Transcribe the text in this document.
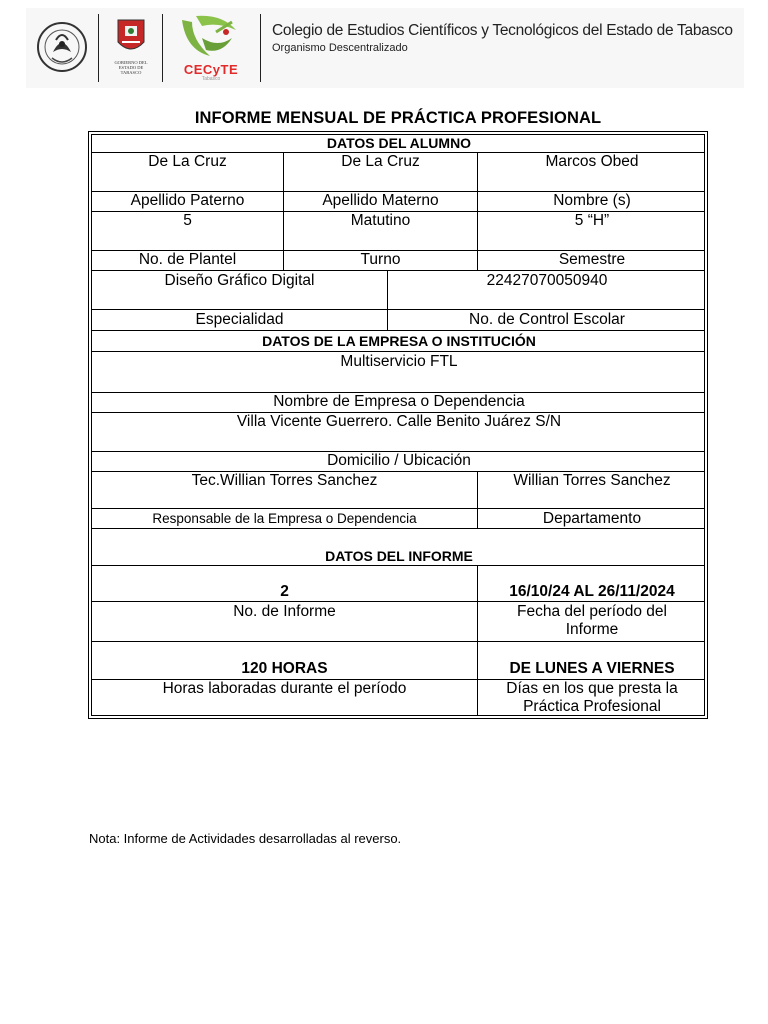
GOBIERNO DEL ESTADO DE TABASCO	CECyTE
Tabasco
Colegio de Estudios Científicos y Tecnológicos del Estado de Tabasco
Organismo Descentralizado
INFORME MENSUAL DE PRÁCTICA PROFESIONAL
DATOS DEL ALUMNO
De La Cruz	De La Cruz	Marcos Obed
Apellido Paterno	Apellido Materno	Nombre (s)
5	Matutino	5 “H”
No. de Plantel	Turno	Semestre
Diseño Gráfico Digital	22427070050940
Especialidad	No. de Control Escolar
DATOS DE LA EMPRESA O INSTITUCIÓN
Multiservicio FTL
Nombre de Empresa o Dependencia
Villa Vicente Guerrero. Calle Benito Juárez S/N
Domicilio / Ubicación
Tec.Willian Torres Sanchez	Willian Torres Sanchez
Responsable de la Empresa o Dependencia	Departamento
DATOS DEL INFORME
2	16/10/24 AL 26/11/2024
No. de Informe	Fecha del período del Informe
120 HORAS	DE LUNES A VIERNES
Horas laboradas durante el período	Días en los que presta la Práctica Profesional
Nota: Informe de Actividades desarrolladas al reverso.
